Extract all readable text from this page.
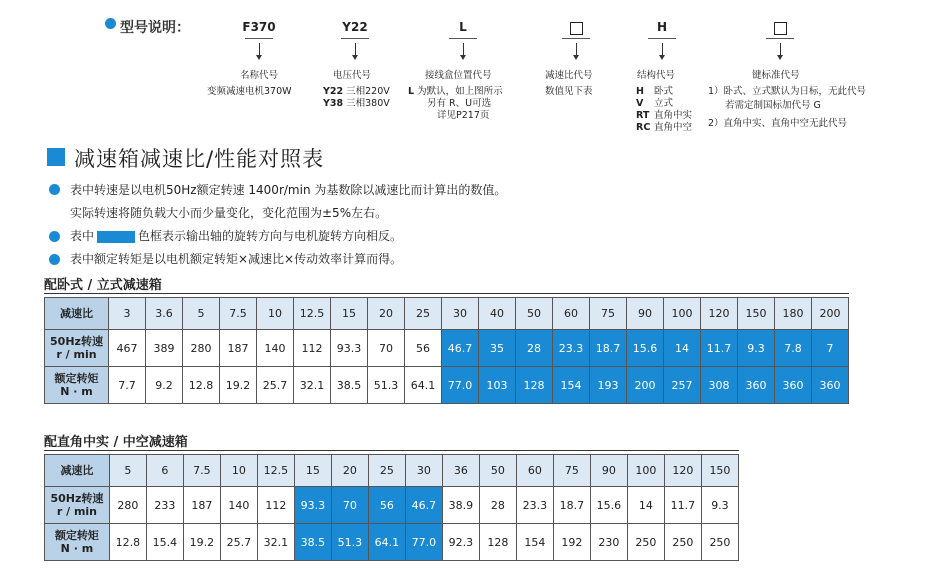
型号说明：	F370	Y22	L	H
名称代号
变频减速电机370W
电压代号
Y22 三相220V
Y38 三相380V
接线盒位置代号
L 为默认，如上图所示
另有 R、U可选
详见P217页
减速比代号
数值见下表
结构代号
H 卧式
V 立式
RT 直角中实
RC 直角中空
键标准代号
1）卧式、立式默认为日标，无此代号
若需定制国标加代号 G
2）直角中实、直角中空无此代号
减速箱减速比/性能对照表
表中转速是以电机50Hz额定转速 1400r/min 为基数除以减速比而计算出的数值。
实际转速将随负载大小而少量变化，变化范围为±5%左右。
表中	色框表示输出轴的旋转方向与电机旋转方向相反。
表中额定转矩是以电机额定转矩×减速比×传动效率计算而得。
配卧式 / 立式减速箱
减速比	3	3.6	5	7.5	10	12.5	15	20	25	30	40	50	60	75	90	100	120	150	180	200

50Hz转速
r / min	467	389	280	187	140	112	93.3	70	56	46.7	35	28	23.3	18.7	15.6	14	11.7	9.3	7.8	7

额定转矩
N · m	7.7	9.2	12.8	19.2	25.7	32.1	38.5	51.3	64.1	77.0	103	128	154	193	200	257	308	360	360	360
配直角中实 / 中空减速箱
减速比	5	6	7.5	10	12.5	15	20	25	30	36	50	60	75	90	100	120	150

50Hz转速
r / min	280	233	187	140	112	93.3	70	56	46.7	38.9	28	23.3	18.7	15.6	14	11.7	9.3

额定转矩
N · m	12.8	15.4	19.2	25.7	32.1	38.5	51.3	64.1	77.0	92.3	128	154	192	230	250	250	250
